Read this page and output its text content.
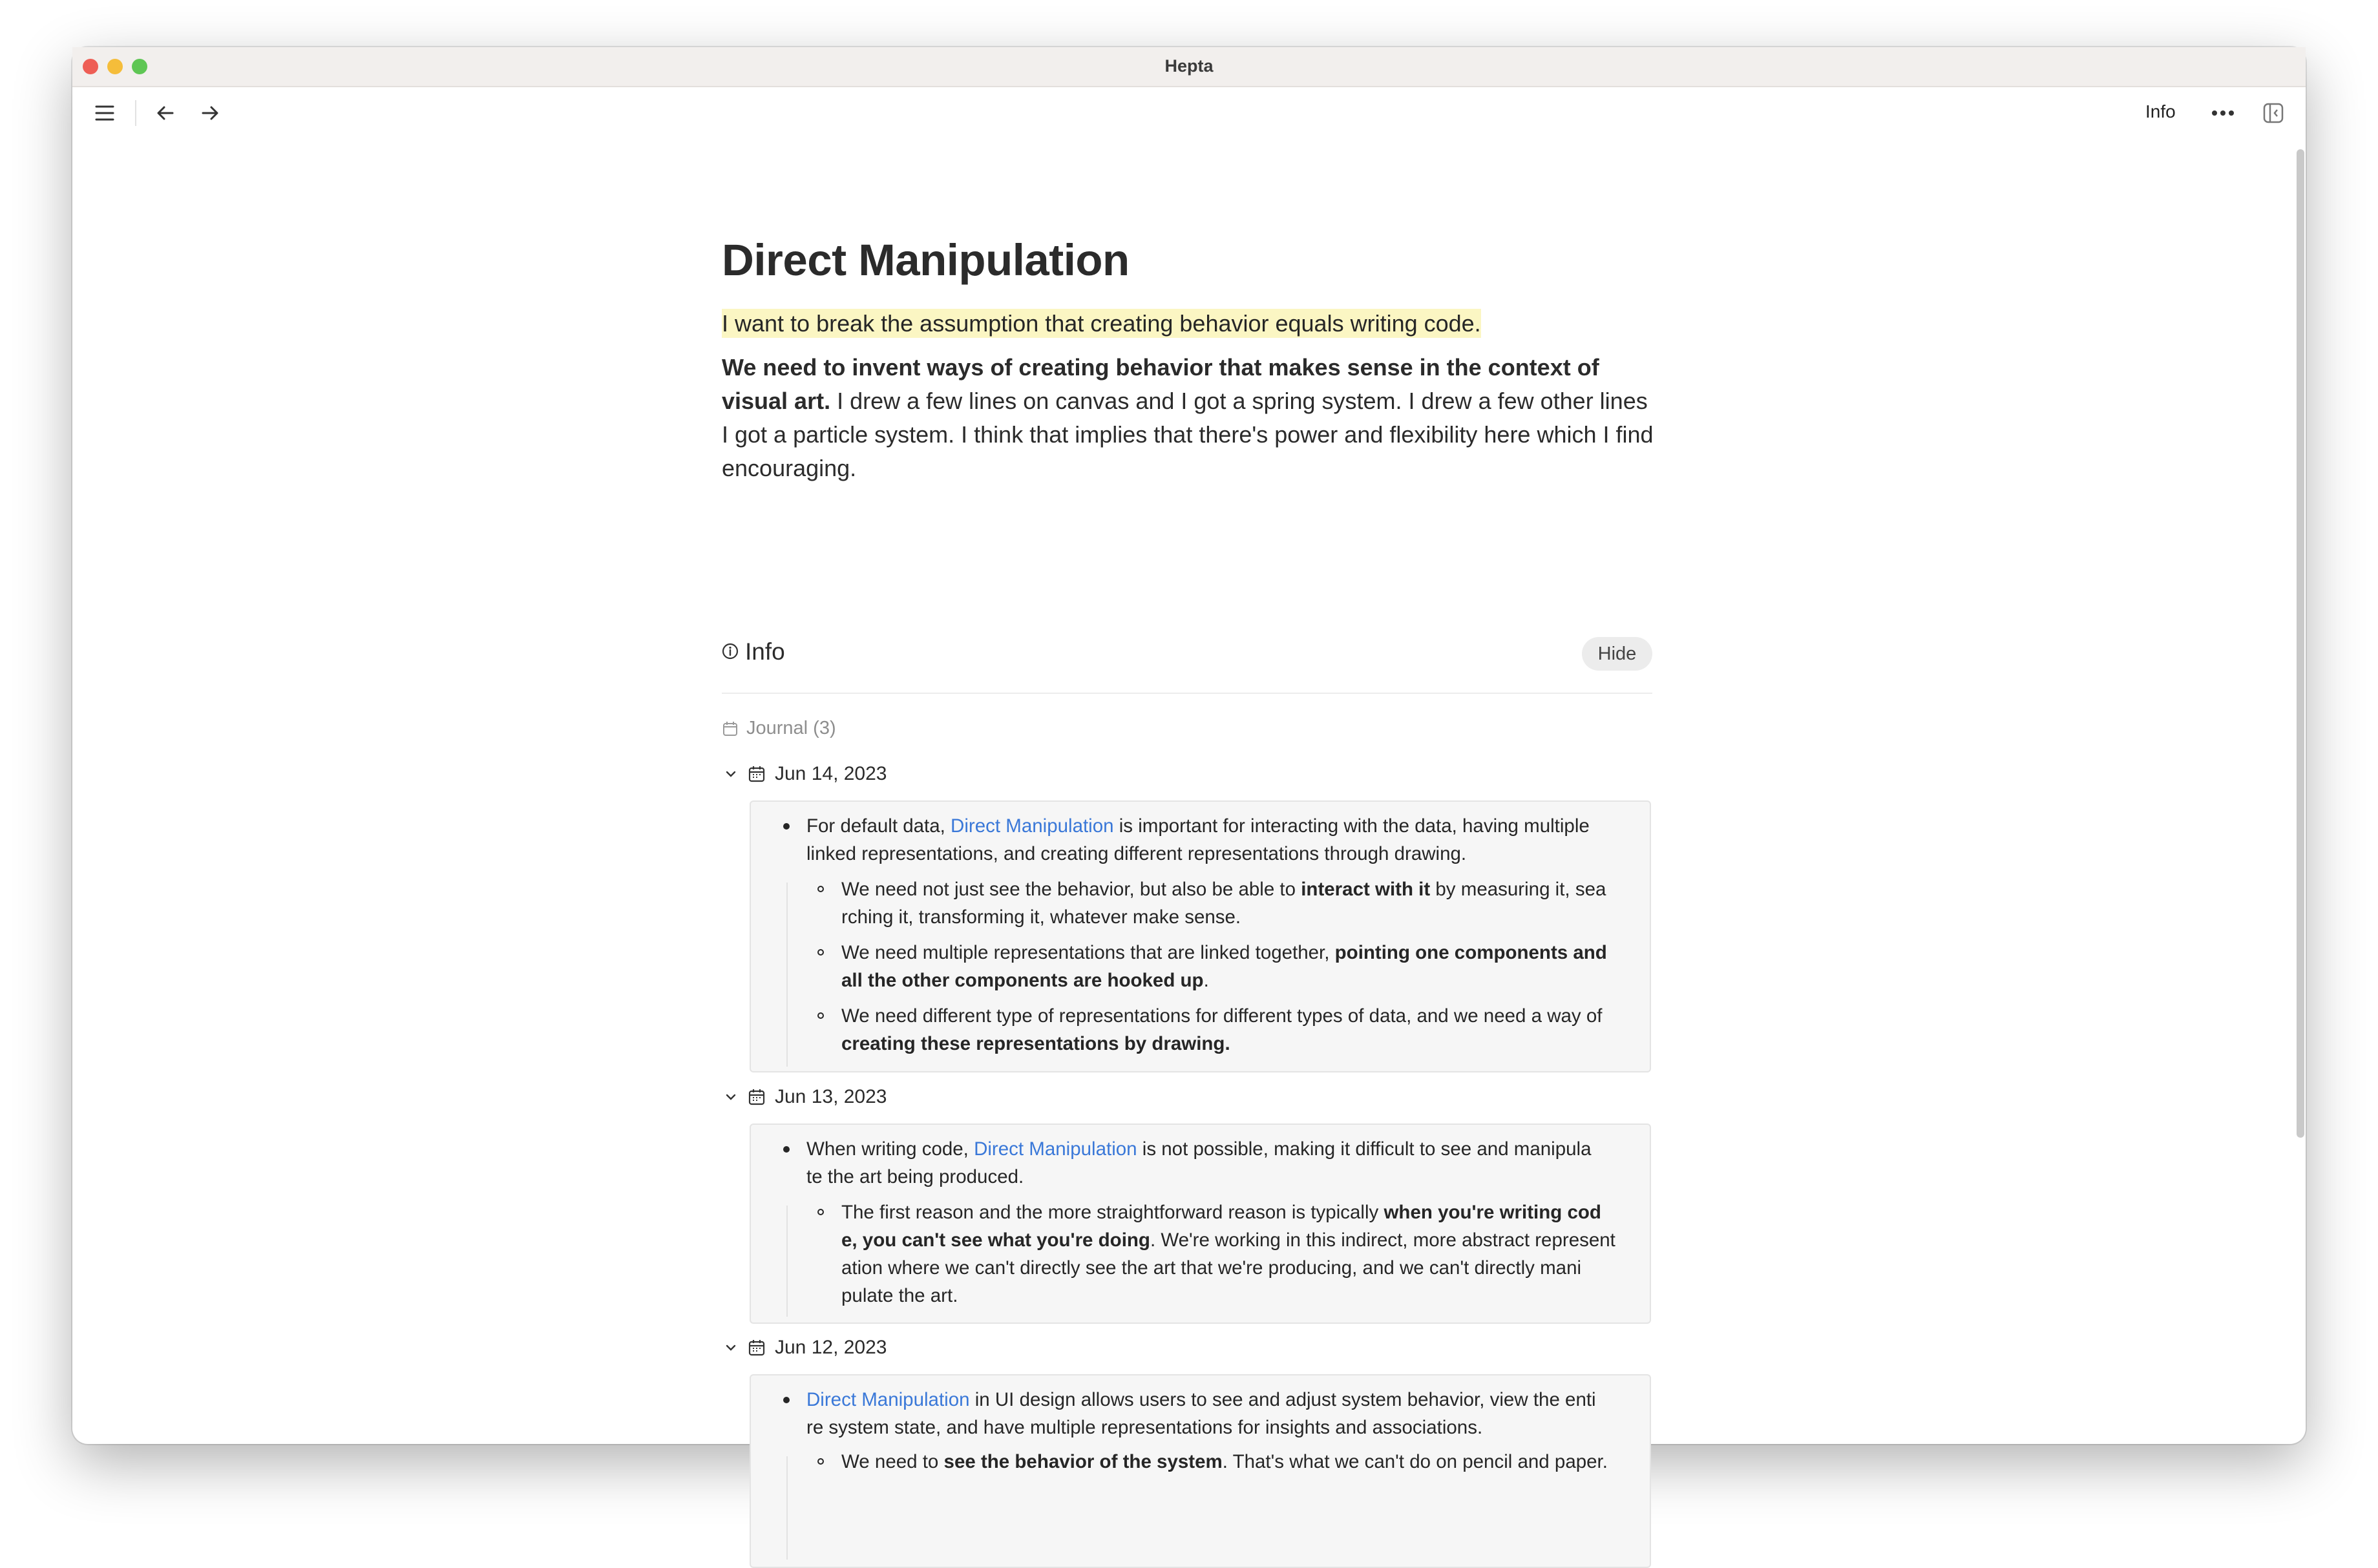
Hepta
Info
Direct Manipulation
I want to break the assumption that creating behavior equals writing code.
We need to invent ways of creating behavior that makes sense in the context of visual art. I drew a few lines on canvas and I got a spring system. I drew a few other lines I got a particle system. I think that implies that there's power and flexibility here which I find encouraging.
Info	Hide
Journal (3)
Jun 14, 2023
For default data, Direct Manipulation is important for interacting with the data, having multiple linked representations, and creating different representations through drawing.
We need not just see the behavior, but also be able to interact with it by measuring it, sea rching it, transforming it, whatever make sense.
We need multiple representations that are linked together, pointing one components and all the other components are hooked up.
We need different type of representations for different types of data, and we need a way of creating these representations by drawing.
Jun 13, 2023
When writing code, Direct Manipulation is not possible, making it difficult to see and manipula te the art being produced.
The first reason and the more straightforward reason is typically when you're writing cod e, you can't see what you're doing. We're working in this indirect, more abstract represent ation where we can't directly see the art that we're producing, and we can't directly mani pulate the art.
Jun 12, 2023
Direct Manipulation in UI design allows users to see and adjust system behavior, view the enti re system state, and have multiple representations for insights and associations.
We need to see the behavior of the system. That's what we can't do on pencil and paper.
